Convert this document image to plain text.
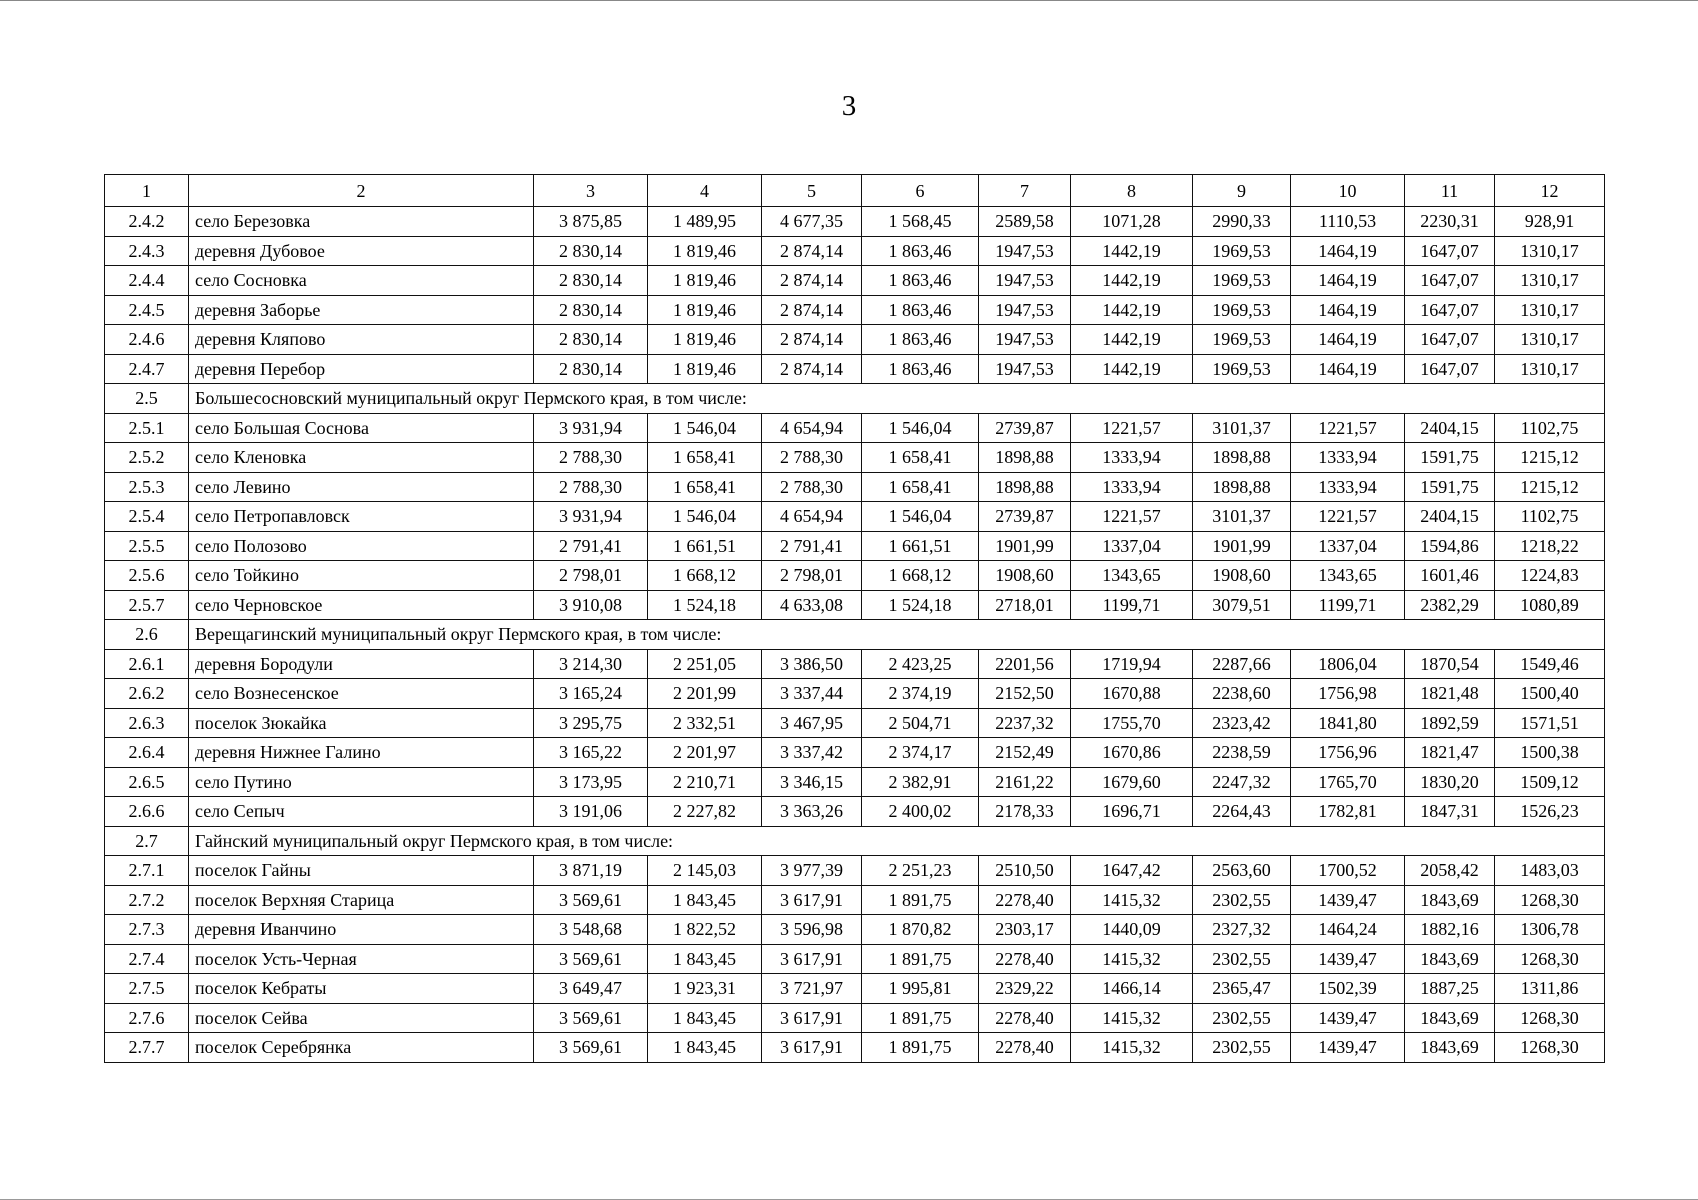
3
1	2	3	4	5	6	7	8	9	10	11	12
2.4.2	село Березовка	3 875,85	1 489,95	4 677,35	1 568,45	2589,58	1071,28	2990,33	1110,53	2230,31	928,91
2.4.3	деревня Дубовое	2 830,14	1 819,46	2 874,14	1 863,46	1947,53	1442,19	1969,53	1464,19	1647,07	1310,17
2.4.4	село Сосновка	2 830,14	1 819,46	2 874,14	1 863,46	1947,53	1442,19	1969,53	1464,19	1647,07	1310,17
2.4.5	деревня Заборье	2 830,14	1 819,46	2 874,14	1 863,46	1947,53	1442,19	1969,53	1464,19	1647,07	1310,17
2.4.6	деревня Кляпово	2 830,14	1 819,46	2 874,14	1 863,46	1947,53	1442,19	1969,53	1464,19	1647,07	1310,17
2.4.7	деревня Перебор	2 830,14	1 819,46	2 874,14	1 863,46	1947,53	1442,19	1969,53	1464,19	1647,07	1310,17
2.5	Большесосновский муниципальный округ Пермского края, в том числе:										
2.5.1	село Большая Соснова	3 931,94	1 546,04	4 654,94	1 546,04	2739,87	1221,57	3101,37	1221,57	2404,15	1102,75
2.5.2	село Кленовка	2 788,30	1 658,41	2 788,30	1 658,41	1898,88	1333,94	1898,88	1333,94	1591,75	1215,12
2.5.3	село Левино	2 788,30	1 658,41	2 788,30	1 658,41	1898,88	1333,94	1898,88	1333,94	1591,75	1215,12
2.5.4	село Петропавловск	3 931,94	1 546,04	4 654,94	1 546,04	2739,87	1221,57	3101,37	1221,57	2404,15	1102,75
2.5.5	село Полозово	2 791,41	1 661,51	2 791,41	1 661,51	1901,99	1337,04	1901,99	1337,04	1594,86	1218,22
2.5.6	село Тойкино	2 798,01	1 668,12	2 798,01	1 668,12	1908,60	1343,65	1908,60	1343,65	1601,46	1224,83
2.5.7	село Черновское	3 910,08	1 524,18	4 633,08	1 524,18	2718,01	1199,71	3079,51	1199,71	2382,29	1080,89
2.6	Верещагинский муниципальный округ Пермского края, в том числе:										
2.6.1	деревня Бородули	3 214,30	2 251,05	3 386,50	2 423,25	2201,56	1719,94	2287,66	1806,04	1870,54	1549,46
2.6.2	село Вознесенское	3 165,24	2 201,99	3 337,44	2 374,19	2152,50	1670,88	2238,60	1756,98	1821,48	1500,40
2.6.3	поселок Зюкайка	3 295,75	2 332,51	3 467,95	2 504,71	2237,32	1755,70	2323,42	1841,80	1892,59	1571,51
2.6.4	деревня Нижнее Галино	3 165,22	2 201,97	3 337,42	2 374,17	2152,49	1670,86	2238,59	1756,96	1821,47	1500,38
2.6.5	село Путино	3 173,95	2 210,71	3 346,15	2 382,91	2161,22	1679,60	2247,32	1765,70	1830,20	1509,12
2.6.6	село Сепыч	3 191,06	2 227,82	3 363,26	2 400,02	2178,33	1696,71	2264,43	1782,81	1847,31	1526,23
2.7	Гайнский муниципальный округ Пермского края, в том числе:										
2.7.1	поселок Гайны	3 871,19	2 145,03	3 977,39	2 251,23	2510,50	1647,42	2563,60	1700,52	2058,42	1483,03
2.7.2	поселок Верхняя Старица	3 569,61	1 843,45	3 617,91	1 891,75	2278,40	1415,32	2302,55	1439,47	1843,69	1268,30
2.7.3	деревня Иванчино	3 548,68	1 822,52	3 596,98	1 870,82	2303,17	1440,09	2327,32	1464,24	1882,16	1306,78
2.7.4	поселок Усть-Черная	3 569,61	1 843,45	3 617,91	1 891,75	2278,40	1415,32	2302,55	1439,47	1843,69	1268,30
2.7.5	поселок Кебраты	3 649,47	1 923,31	3 721,97	1 995,81	2329,22	1466,14	2365,47	1502,39	1887,25	1311,86
2.7.6	поселок Сейва	3 569,61	1 843,45	3 617,91	1 891,75	2278,40	1415,32	2302,55	1439,47	1843,69	1268,30
2.7.7	поселок Серебрянка	3 569,61	1 843,45	3 617,91	1 891,75	2278,40	1415,32	2302,55	1439,47	1843,69	1268,30
